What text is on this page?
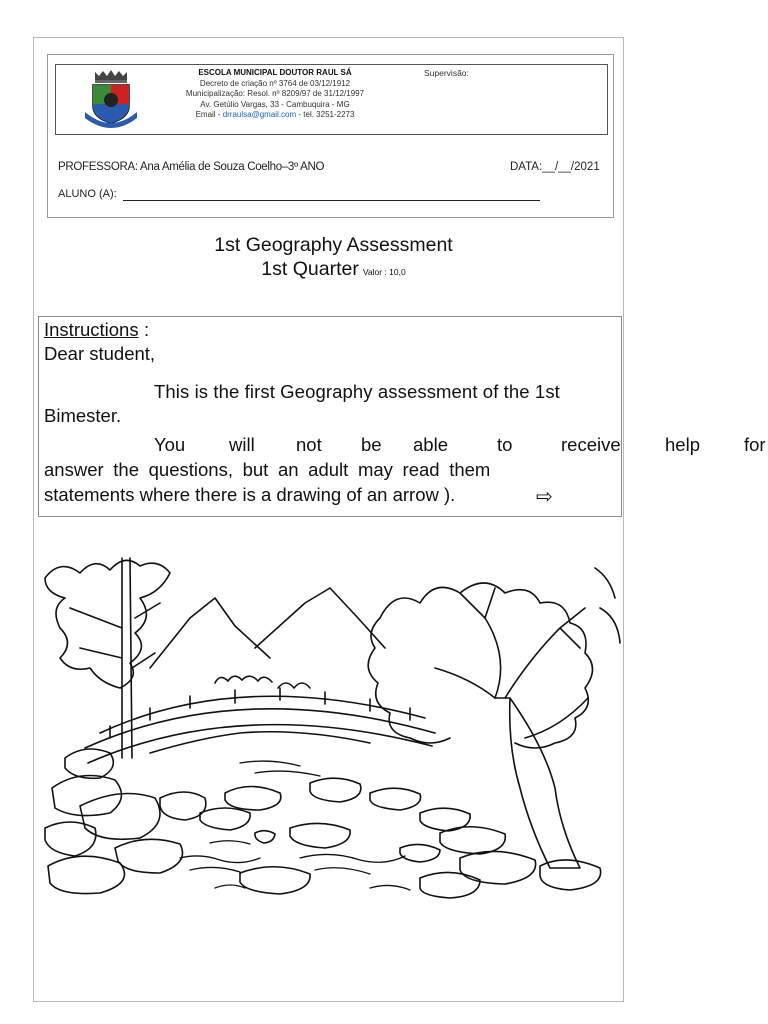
ESCOLA MUNICIPAL DOUTOR RAUL SÁ
Decreto de criação nº 3764 de 03/12/1912
Municipalização: Resol. nº 8209/97 de 31/12/1997
Av. Getúlio Vargas, 33 - Cambuquira - MG
Email - drraulsa@gmail.com - tel. 3251-2273
Supervisão:
PROFESSORA: Ana Amélia de Souza Coelho–3º ANO	DATA:__/__/2021
ALUNO (A):
1st Geography Assessment
1st Quarter Valor : 10,0
Instructions :
Dear student,
This is the first Geography assessment of the 1st
Bimester.
You will not be able	to	receive help for
answer the questions, but an adult may read them
statements where there is a drawing of an arrow ).	⇨
